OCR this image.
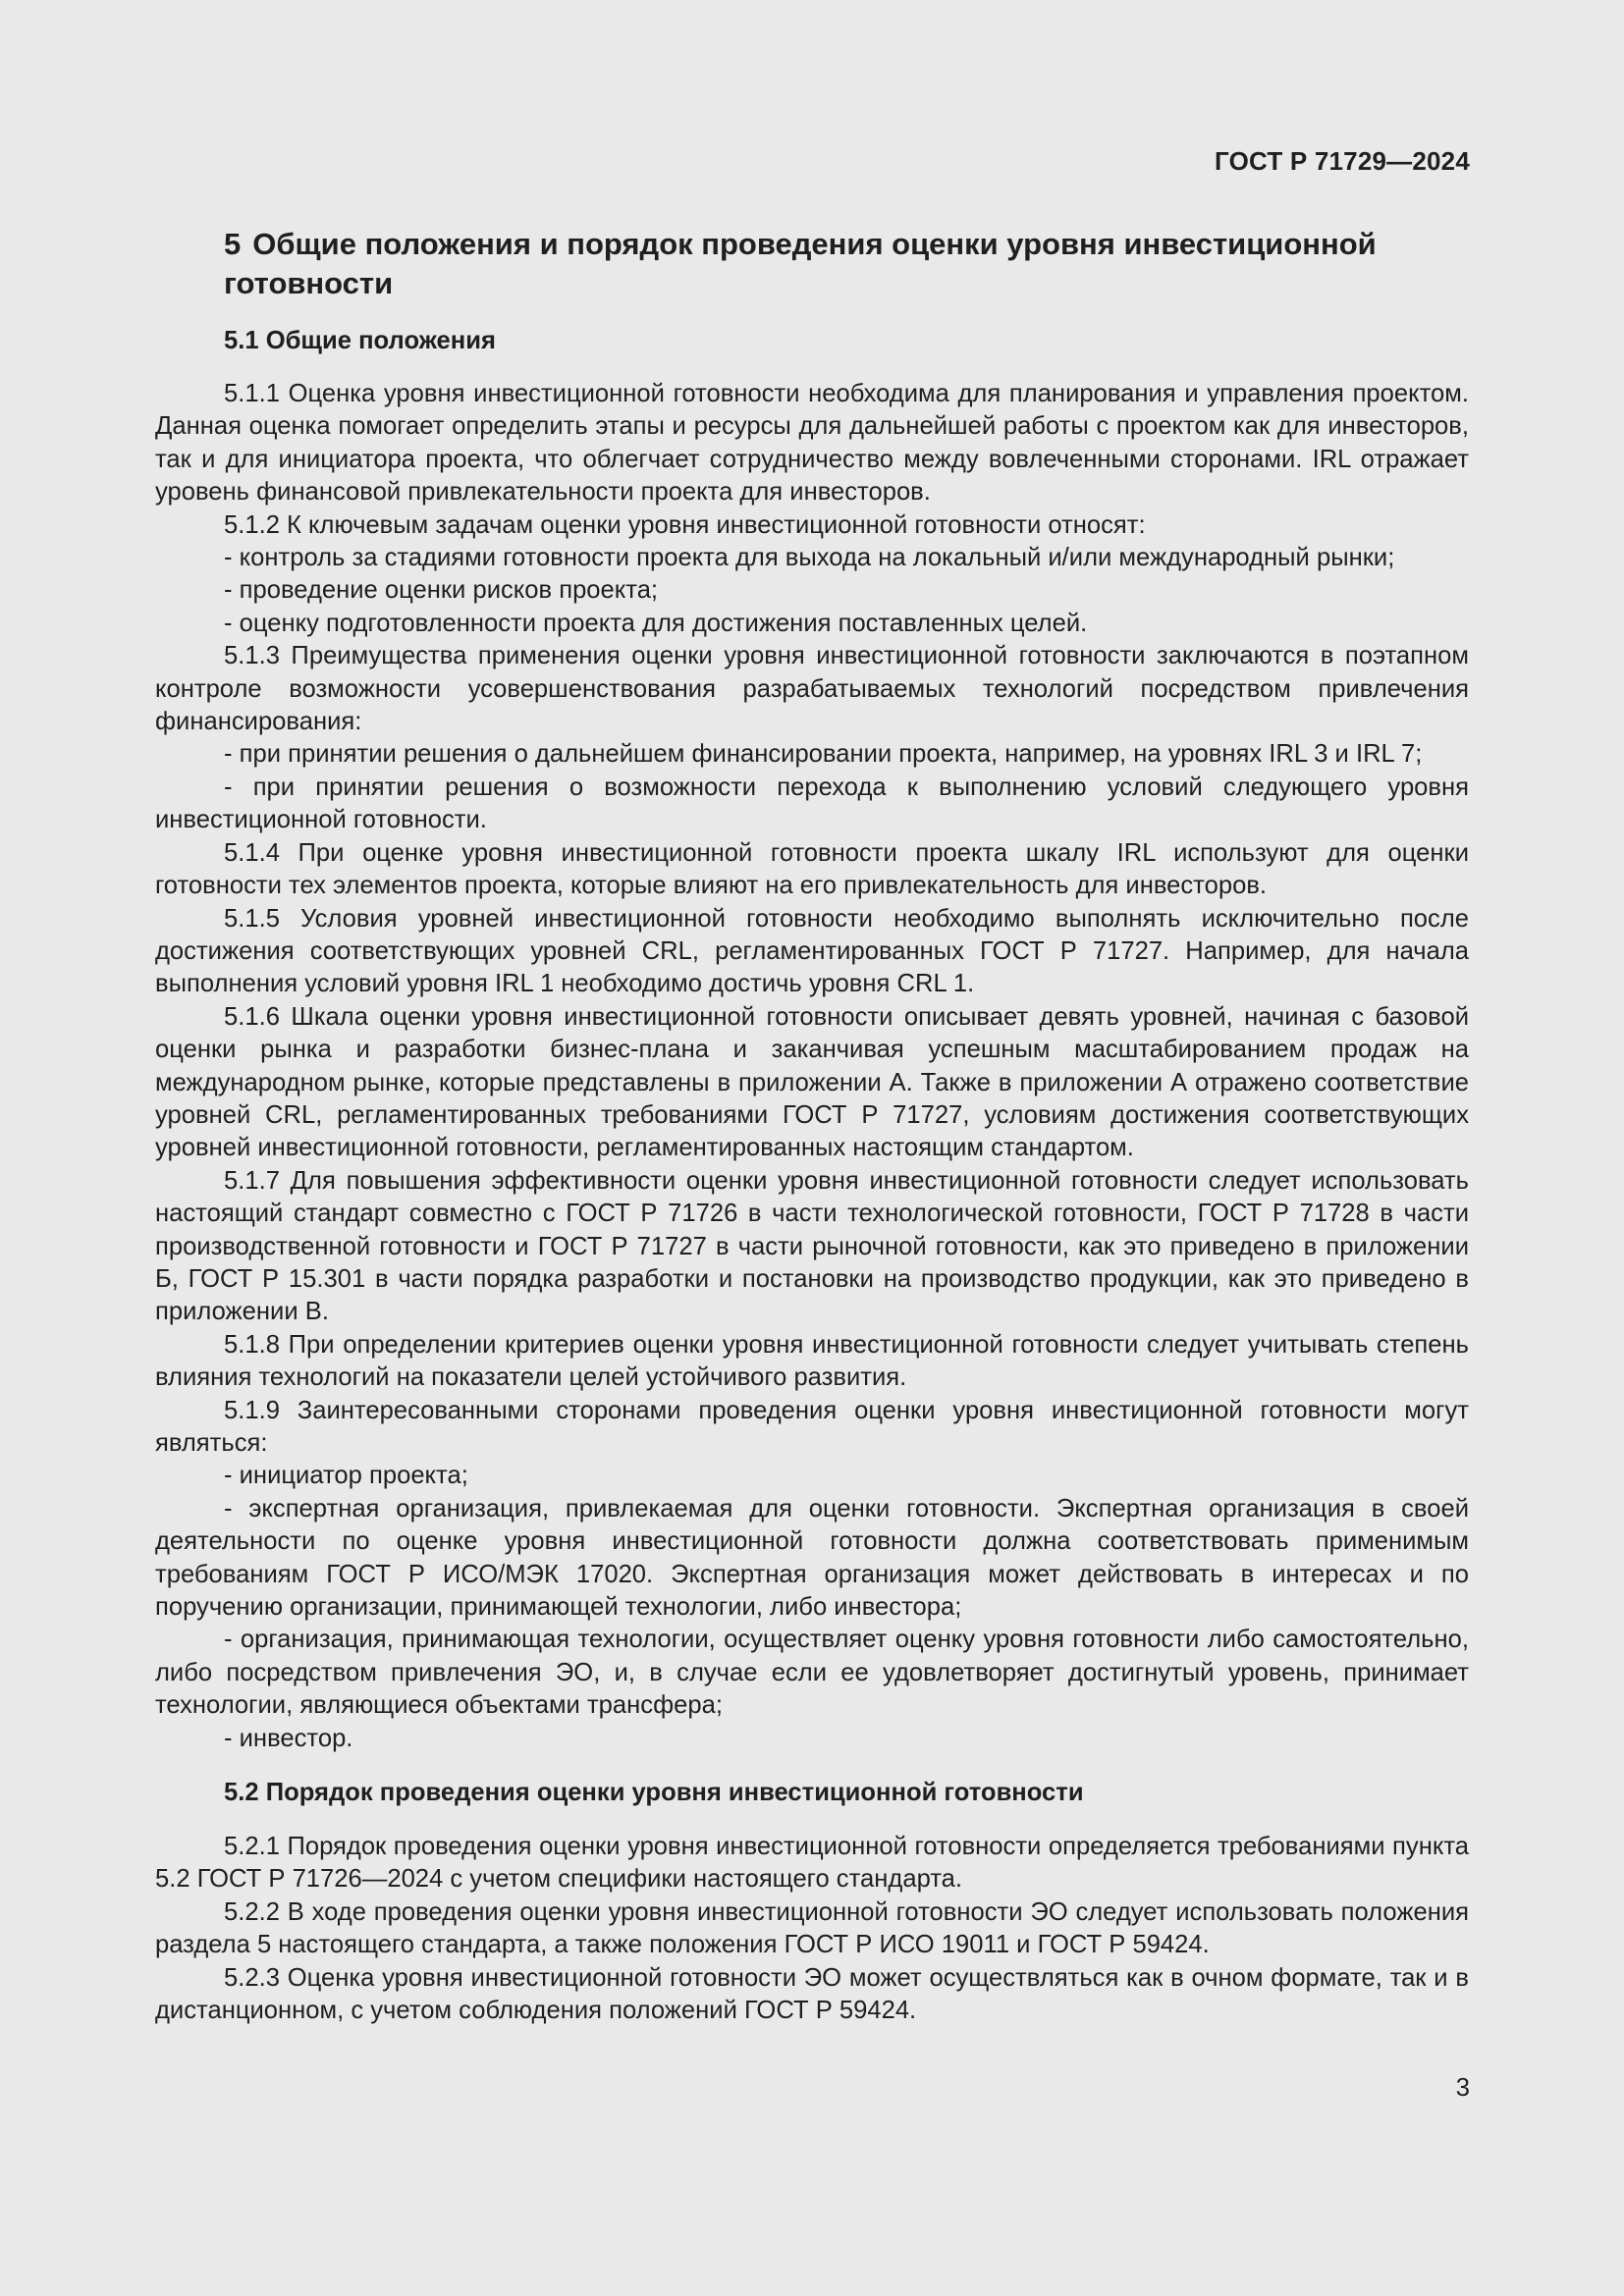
ГОСТ Р 71729—2024
5 Общие положения и порядок проведения оценки уровня инвестиционной готовности
5.1 Общие положения

5.1.1 Оценка уровня инвестиционной готовности необходима для планирования и управления проектом. Данная оценка помогает определить этапы и ресурсы для дальнейшей работы с проектом как для инвесторов, так и для инициатора проекта, что облегчает сотрудничество между вовлеченными сторонами. IRL отражает уровень финансовой привлекательности проекта для инвесторов.

5.1.2 К ключевым задачам оценки уровня инвестиционной готовности относят:

- контроль за стадиями готовности проекта для выхода на локальный и/или международный рынки;

- проведение оценки рисков проекта;

- оценку подготовленности проекта для достижения поставленных целей.

5.1.3 Преимущества применения оценки уровня инвестиционной готовности заключаются в поэтапном контроле возможности усовершенствования разрабатываемых технологий посредством привлечения финансирования:

- при принятии решения о дальнейшем финансировании проекта, например, на уровнях IRL 3 и IRL 7;

- при принятии решения о возможности перехода к выполнению условий следующего уровня инвестиционной готовности.

5.1.4 При оценке уровня инвестиционной готовности проекта шкалу IRL используют для оценки готовности тех элементов проекта, которые влияют на его привлекательность для инвесторов.

5.1.5 Условия уровней инвестиционной готовности необходимо выполнять исключительно после достижения соответствующих уровней CRL, регламентированных ГОСТ Р 71727. Например, для начала выполнения условий уровня IRL 1 необходимо достичь уровня CRL 1.

5.1.6 Шкала оценки уровня инвестиционной готовности описывает девять уровней, начиная с базовой оценки рынка и разработки бизнес-плана и заканчивая успешным масштабированием продаж на международном рынке, которые представлены в приложении А. Также в приложении А отражено соответствие уровней CRL, регламентированных требованиями ГОСТ Р 71727, условиям достижения соответствующих уровней инвестиционной готовности, регламентированных настоящим стандартом.

5.1.7 Для повышения эффективности оценки уровня инвестиционной готовности следует использовать настоящий стандарт совместно с ГОСТ Р 71726 в части технологической готовности, ГОСТ Р 71728 в части производственной готовности и ГОСТ Р 71727 в части рыночной готовности, как это приведено в приложении Б, ГОСТ Р 15.301 в части порядка разработки и постановки на производство продукции, как это приведено в приложении В.

5.1.8 При определении критериев оценки уровня инвестиционной готовности следует учитывать степень влияния технологий на показатели целей устойчивого развития.

5.1.9 Заинтересованными сторонами проведения оценки уровня инвестиционной готовности могут являться:

- инициатор проекта;

- экспертная организация, привлекаемая для оценки готовности. Экспертная организация в своей деятельности по оценке уровня инвестиционной готовности должна соответствовать применимым требованиям ГОСТ Р ИСО/МЭК 17020. Экспертная организация может действовать в интересах и по поручению организации, принимающей технологии, либо инвестора;

- организация, принимающая технологии, осуществляет оценку уровня готовности либо самостоятельно, либо посредством привлечения ЭО, и, в случае если ее удовлетворяет достигнутый уровень, принимает технологии, являющиеся объектами трансфера;

- инвестор.

5.2 Порядок проведения оценки уровня инвестиционной готовности

5.2.1 Порядок проведения оценки уровня инвестиционной готовности определяется требованиями пункта 5.2 ГОСТ Р 71726—2024 с учетом специфики настоящего стандарта.

5.2.2 В ходе проведения оценки уровня инвестиционной готовности ЭО следует использовать положения раздела 5 настоящего стандарта, а также положения ГОСТ Р ИСО 19011 и ГОСТ Р 59424.

5.2.3 Оценка уровня инвестиционной готовности ЭО может осуществляться как в очном формате, так и в дистанционном, с учетом соблюдения положений ГОСТ Р 59424.

3
